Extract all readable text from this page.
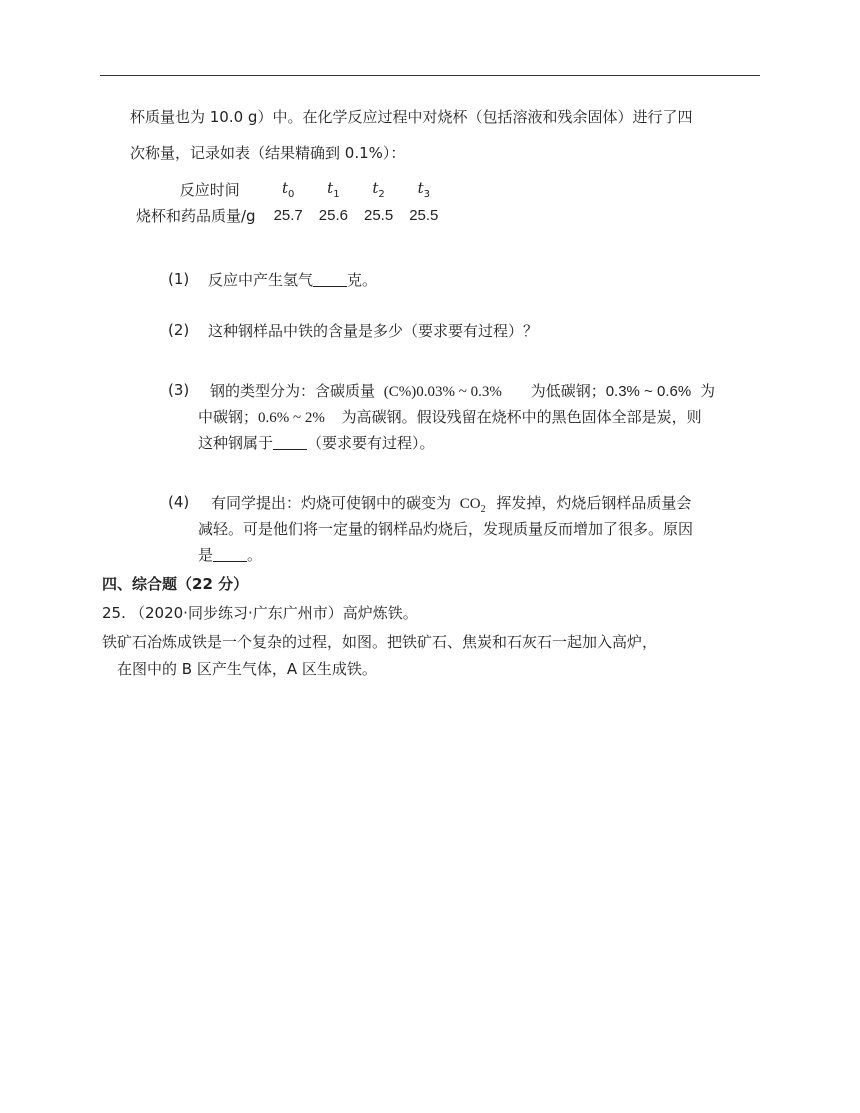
杯质量也为 10.0 g）中。在化学反应过程中对烧杯（包括溶液和残余固体）进行了四
次称量，记录如表（结果精确到 0.1%）：
反应时间	$t_0$	$t_1$	$t_2$	$t_3$
烧杯和药品质量/g	25.7	25.6	25.5	25.5
(1) 反应中产生氢气 克。
(2) 这种钢样品中铁的含量是多少（要求要有过程）？
(3) 钢的类型分为：含碳质量 (C%)0.03% ~ 0.3% 为低碳钢；0.3% ~ 0.6% 为
中碳钢；0.6% ~ 2% 为高碳钢。假设残留在烧杯中的黑色固体全部是炭，则
这种钢属于 （要求要有过程）。
(4) 有同学提出：灼烧可使钢中的碳变为 $CO_2$ 挥发掉，灼烧后钢样品质量会
减轻。可是他们将一定量的钢样品灼烧后，发现质量反而增加了很多。原因
是 。
四、综合题（22 分）
25. （2020·同步练习·广东广州市）高炉炼铁。
铁矿石冶炼成铁是一个复杂的过程，如图。把铁矿石、焦炭和石灰石一起加入高炉，
在图中的 B 区产生气体，A 区生成铁。
